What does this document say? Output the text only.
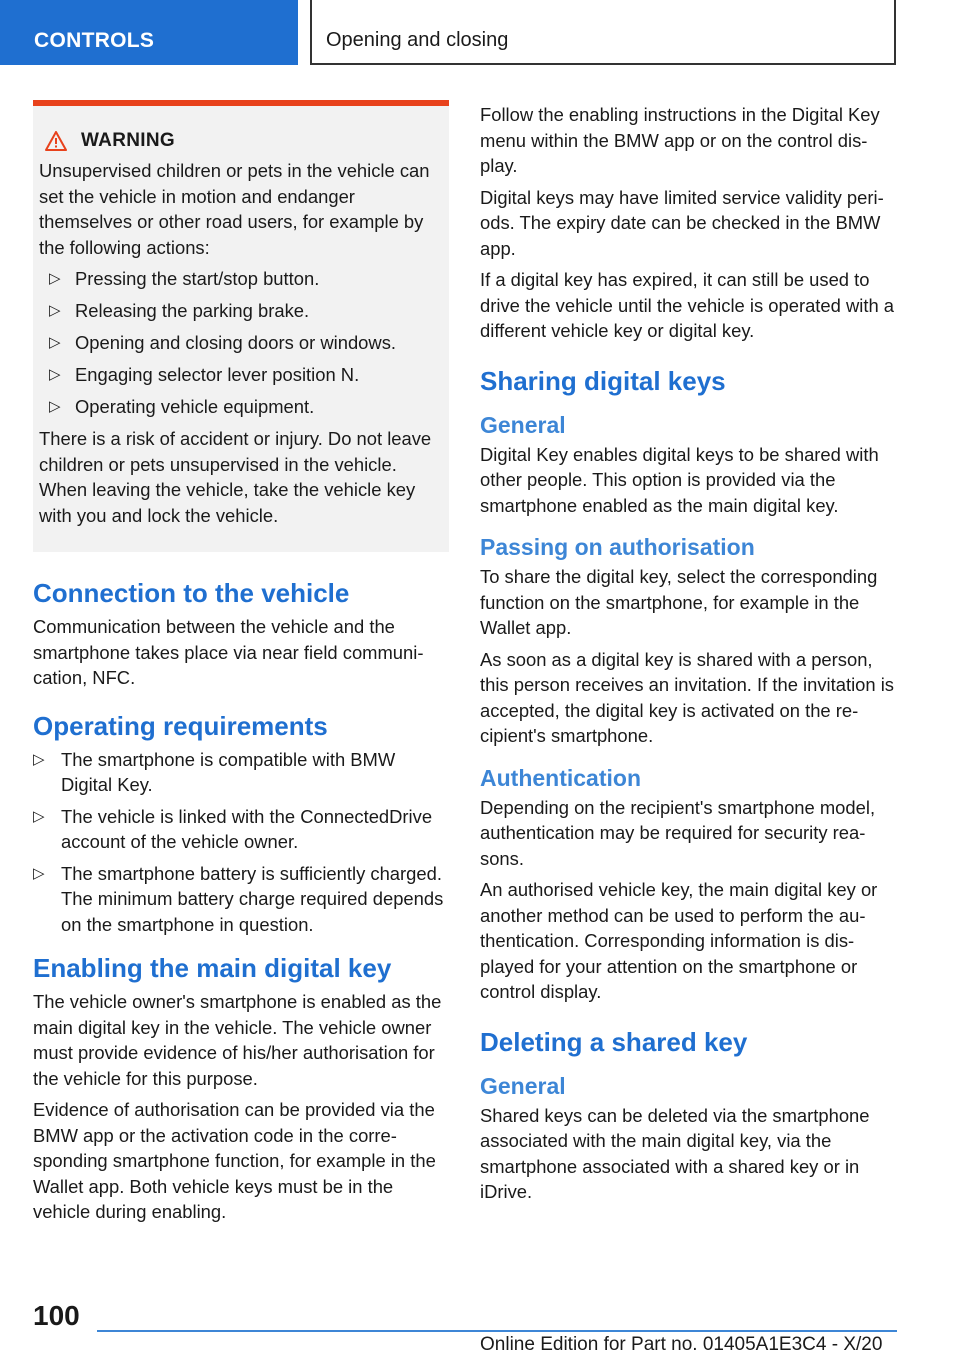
CONTROLS	Opening and closing
WARNING

Unsupervised children or pets in the vehicle can set the vehicle in motion and endanger themselves or other road users, for example by the following actions:

▷ Pressing the start/stop button.
▷ Releasing the parking brake.
▷ Opening and closing doors or windows.
▷ Engaging selector lever position N.
▷ Operating vehicle equipment.

There is a risk of accident or injury. Do not leave children or pets unsupervised in the vehicle. When leaving the vehicle, take the vehicle key with you and lock the vehicle.

Connection to the vehicle

Communication between the vehicle and the smartphone takes place via near field communication, NFC.

Operating requirements
▷ The smartphone is compatible with BMW Digital Key.
▷ The vehicle is linked with the ConnectedDrive account of the vehicle owner.
▷ The smartphone battery is sufficiently charged. The minimum battery charge required depends on the smartphone in question.
Enabling the main digital key

The vehicle owner's smartphone is enabled as the main digital key in the vehicle. The vehicle owner must provide evidence of his/her authorisation for the vehicle for this purpose.

Evidence of authorisation can be provided via the BMW app or the activation code in the corresponding smartphone function, for example in the Wallet app. Both vehicle keys must be in the vehicle during enabling.

Follow the enabling instructions in the Digital Key menu within the BMW app or on the control display.

Digital keys may have limited service validity periods. The expiry date can be checked in the BMW app.

If a digital key has expired, it can still be used to drive the vehicle until the vehicle is operated with a different vehicle key or digital key.

Sharing digital keys
General

Digital Key enables digital keys to be shared with other people. This option is provided via the smartphone enabled as the main digital key.

Passing on authorisation

To share the digital key, select the corresponding function on the smartphone, for example in the Wallet app.

As soon as a digital key is shared with a person, this person receives an invitation. If the invitation is accepted, the digital key is activated on the recipient's smartphone.

Authentication

Depending on the recipient's smartphone model, authentication may be required for security reasons.

An authorised vehicle key, the main digital key or another method can be used to perform the authentication. Corresponding information is displayed for your attention on the smartphone or control display.

Deleting a shared key
General

Shared keys can be deleted via the smartphone associated with the main digital key, via the smartphone associated with a shared key or in iDrive.

100
Online Edition for Part no. 01405A1E3C4 - X/20
